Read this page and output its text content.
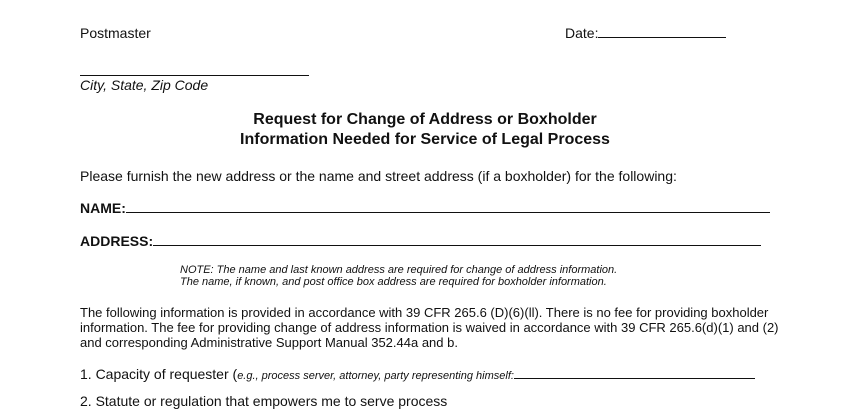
Postmaster	Date:
City, State, Zip Code
Request for Change of Address or Boxholder
Information Needed for Service of Legal Process
Please furnish the new address or the name and street address (if a boxholder) for the following:
NAME:
ADDRESS:
NOTE: The name and last known address are required for change of address information.
The name, if known, and post office box address are required for boxholder information.
The following information is provided in accordance with 39 CFR 265.6 (D)(6)(ll). There is no fee for providing boxholder
information. The fee for providing change of address information is waived in accordance with 39 CFR 265.6(d)(1) and (2)
and corresponding Administrative Support Manual 352.44a and b.
1. Capacity of requester (e.g., process server, attorney, party representing himself:
2. Statute or regulation that empowers me to serve process
